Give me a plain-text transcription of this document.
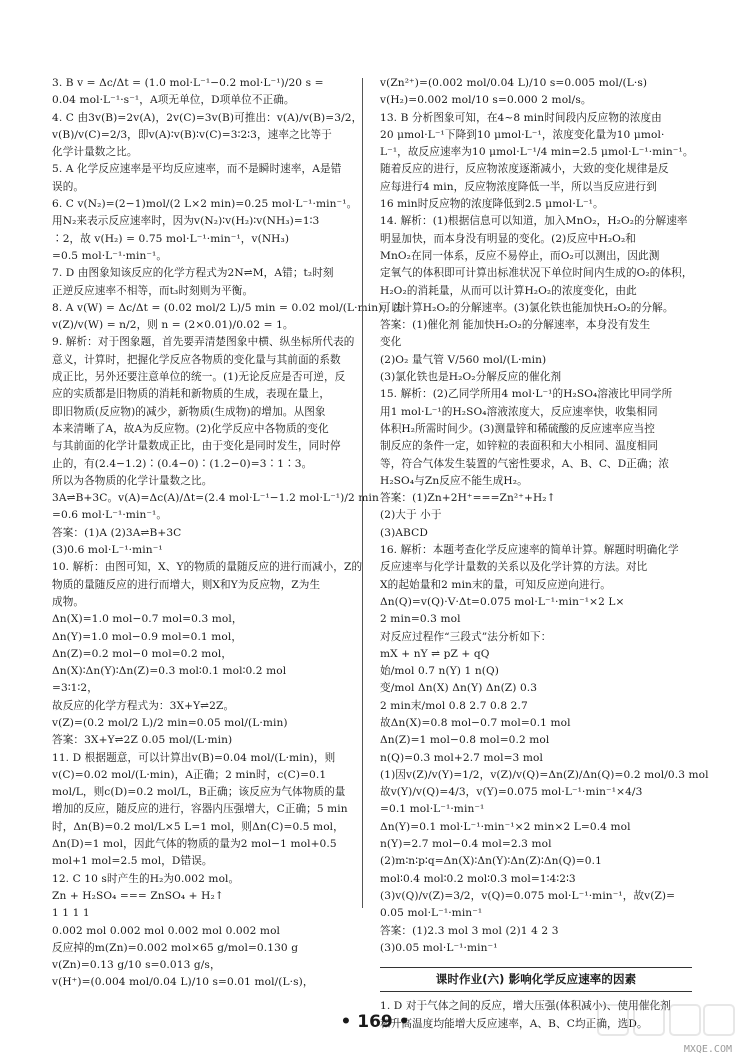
3. B v = Δc/Δt = (1.0 mol·L⁻¹−0.2 mol·L⁻¹)/20 s =
0.04 mol·L⁻¹·s⁻¹，A项无单位，D项单位不正确。
4. C 由3v(B)=2v(A)，2v(C)=3v(B)可推出：v(A)/v(B)=3/2，
v(B)/v(C)=2/3，即v(A)∶v(B)∶v(C)=3∶2∶3，速率之比等于
化学计量数之比。
5. A 化学反应速率是平均反应速率，而不是瞬时速率，A是错
误的。
6. C v(N₂)=(2−1)mol/(2 L×2 min)=0.25 mol·L⁻¹·min⁻¹。
用N₂来表示反应速率时，因为v(N₂)∶v(H₂)∶v(NH₃)=1∶3
∶2，故 v(H₂) = 0.75 mol·L⁻¹·min⁻¹，v(NH₃)
=0.5 mol·L⁻¹·min⁻¹。
7. D 由图象知该反应的化学方程式为2N⇌M，A错；t₂时刻
正逆反应速率不相等，而t₃时刻则为平衡。
8. A v(W) = Δc/Δt = (0.02 mol/2 L)/5 min = 0.02 mol/(L·min)，由
v(Z)/v(W) = n/2，则 n = (2×0.01)/0.02 = 1。
9. 解析：对于图象题，首先要弄清楚图象中横、纵坐标所代表的
意义，计算时，把握化学反应各物质的变化量与其前面的系数
成正比，另外还要注意单位的统一。(1)无论反应是否可逆，反
应的实质都是旧物质的消耗和新物质的生成，表现在量上，
即旧物质(反应物)的减少，新物质(生成物)的增加。从图象
本来清晰了A，故A为反应物。(2)化学反应中各物质的变化
与其前面的化学计量数成正比，由于变化是同时发生，同时停
止的，有(2.4−1.2)∶(0.4−0)∶(1.2−0)=3∶1∶3。
所以为各物质的化学计量数之比。
3A⇌B+3C。v(A)=Δc(A)/Δt=(2.4 mol·L⁻¹−1.2 mol·L⁻¹)/2 min
=0.6 mol·L⁻¹·min⁻¹。
答案：(1)A (2)3A⇌B+3C
(3)0.6 mol·L⁻¹·min⁻¹
10. 解析：由图可知，X、Y的物质的量随反应的进行而减小，Z的
物质的量随反应的进行而增大，则X和Y为反应物，Z为生
成物。
Δn(X)=1.0 mol−0.7 mol=0.3 mol，
Δn(Y)=1.0 mol−0.9 mol=0.1 mol，
Δn(Z)=0.2 mol−0 mol=0.2 mol，
Δn(X)∶Δn(Y)∶Δn(Z)=0.3 mol∶0.1 mol∶0.2 mol
=3∶1∶2，
故反应的化学方程式为：3X+Y⇌2Z。
v(Z)=(0.2 mol/2 L)/2 min=0.05 mol/(L·min)
答案：3X+Y⇌2Z 0.05 mol/(L·min)
11. D 根据题意，可以计算出v(B)=0.04 mol/(L·min)，则
v(C)=0.02 mol/(L·min)，A正确；2 min时，c(C)=0.1
mol/L，则c(D)=0.2 mol/L，B正确；该反应为气体物质的量
增加的反应，随反应的进行，容器内压强增大，C正确；5 min
时，Δn(B)=0.2 mol/L×5 L=1 mol，则Δn(C)=0.5 mol，
Δn(D)=1 mol，因此气体的物质的量为2 mol−1 mol+0.5
mol+1 mol=2.5 mol，D错误。
12. C 10 s时产生的H₂为0.002 mol。
Zn + H₂SO₄ === ZnSO₄ + H₂↑
1 1 1 1
0.002 mol 0.002 mol 0.002 mol 0.002 mol
反应掉的m(Zn)=0.002 mol×65 g/mol=0.130 g
v(Zn)=0.13 g/10 s=0.013 g/s，
v(H⁺)=(0.004 mol/0.04 L)/10 s=0.01 mol/(L·s)，
v(Zn²⁺)=(0.002 mol/0.04 L)/10 s=0.005 mol/(L·s)
v(H₂)=0.002 mol/10 s=0.000 2 mol/s。
13. B 分析图象可知，在4~8 min时间段内反应物的浓度由
20 μmol·L⁻¹下降到10 μmol·L⁻¹，浓度变化量为10 μmol·
L⁻¹，故反应速率为10 μmol·L⁻¹/4 min=2.5 μmol·L⁻¹·min⁻¹。
随着反应的进行，反应物浓度逐渐减小，大致的变化规律是反
应每进行4 min，反应物浓度降低一半，所以当反应进行到
16 min时反应物的浓度降低到2.5 μmol·L⁻¹。
14. 解析：(1)根据信息可以知道，加入MnO₂，H₂O₂的分解速率
明显加快，而本身没有明显的变化。(2)反应中H₂O₂和
MnO₂在同一体系，反应不易停止，而O₂可以测出，因此测
定氧气的体积即可计算出标准状况下单位时间内生成的O₂的体积，
H₂O₂的消耗量，从而可以计算H₂O₂的浓度变化，由此
可以计算H₂O₂的分解速率。(3)氯化铁也能加快H₂O₂的分解。
答案：(1)催化剂 能加快H₂O₂的分解速率，本身没有发生
变化
(2)O₂ 量气管 V/560 mol/(L·min)
(3)氯化铁也是H₂O₂分解反应的催化剂
15. 解析：(2)乙同学所用4 mol·L⁻¹的H₂SO₄溶液比甲同学所
用1 mol·L⁻¹的H₂SO₄溶液浓度大，反应速率快，收集相同
体积H₂所需时间少。(3)测量锌和稀硫酸的反应速率应当控
制反应的条件一定，如锌粒的表面积和大小相同、温度相同
等，符合气体发生装置的气密性要求，A、B、C、D正确；浓
H₂SO₄与Zn反应不能生成H₂。
答案：(1)Zn+2H⁺===Zn²⁺+H₂↑
(2)大于 小于
(3)ABCD
16. 解析：本题考查化学反应速率的简单计算。解题时明确化学
反应速率与化学计量数的关系以及化学计算的方法。对比
X的起始量和2 min末的量，可知反应逆向进行。
Δn(Q)=v(Q)·V·Δt=0.075 mol·L⁻¹·min⁻¹×2 L×
2 min=0.3 mol
对反应过程作“三段式”法分析如下：
mX + nY ⇌ pZ + qQ
始/mol 0.7 n(Y) 1 n(Q)
变/mol Δn(X) Δn(Y) Δn(Z) 0.3
2 min末/mol 0.8 2.7 0.8 2.7
故Δn(X)=0.8 mol−0.7 mol=0.1 mol
Δn(Z)=1 mol−0.8 mol=0.2 mol
n(Q)=0.3 mol+2.7 mol=3 mol
(1)因v(Z)/v(Y)=1/2，v(Z)/v(Q)=Δn(Z)/Δn(Q)=0.2 mol/0.3 mol
故v(Y)/v(Q)=4/3，v(Y)=0.075 mol·L⁻¹·min⁻¹×4/3
=0.1 mol·L⁻¹·min⁻¹
Δn(Y)=0.1 mol·L⁻¹·min⁻¹×2 min×2 L=0.4 mol
n(Y)=2.7 mol−0.4 mol=2.3 mol
(2)m∶n∶p∶q=Δn(X)∶Δn(Y)∶Δn(Z)∶Δn(Q)=0.1
mol∶0.4 mol∶0.2 mol∶0.3 mol=1∶4∶2∶3
(3)v(Q)/v(Z)=3/2，v(Q)=0.075 mol·L⁻¹·min⁻¹，故v(Z)=
0.05 mol·L⁻¹·min⁻¹
答案：(1)2.3 mol 3 mol (2)1 4 2 3
(3)0.05 mol·L⁻¹·min⁻¹
课时作业(六) 影响化学反应速率的因素
1. D 对于气体之间的反应，增大压强(体积减小)、使用催化剂
和升高温度均能增大反应速率，A、B、C均正确，选D。
• 169 •
MXQE.COM
